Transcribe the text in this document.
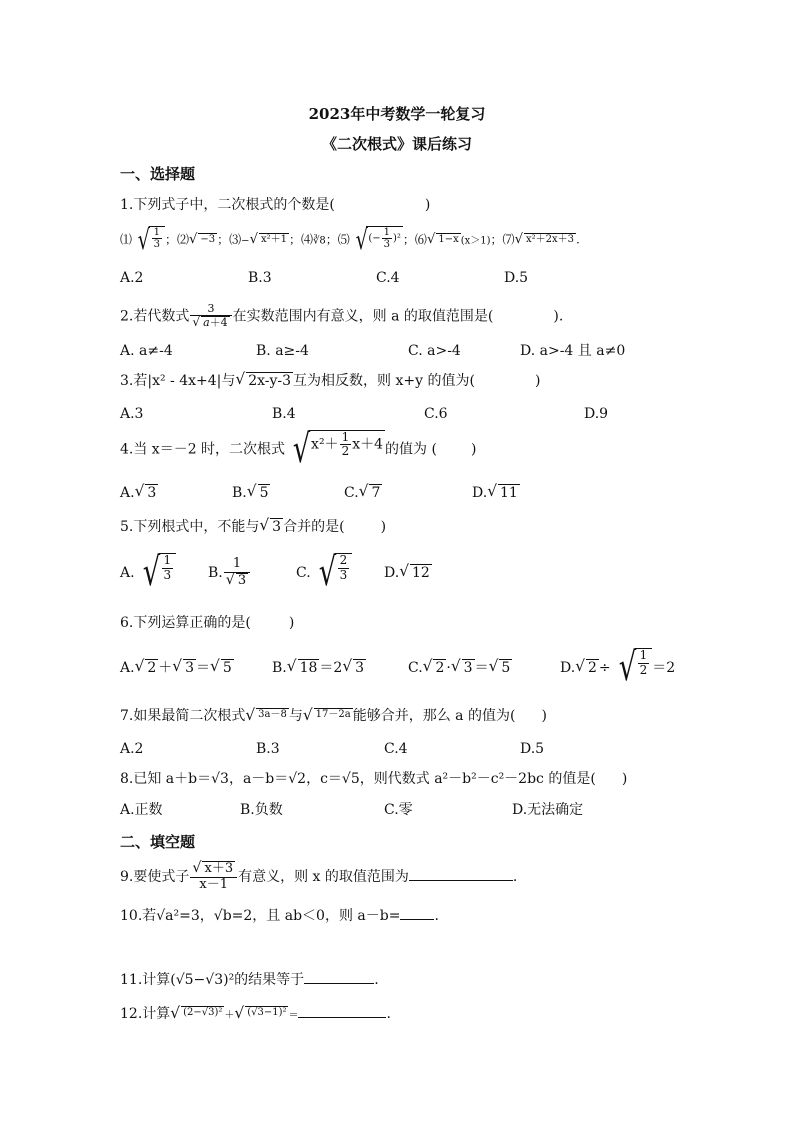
2023年中考数学一轮复习
《二次根式》课后练习
一、选择题
1.下列式子中，二次根式的个数是(	)
⑴ √ $\frac{1}{3}$ ；⑵ √ −3 ；⑶− √ x²＋1 ；⑷∛8；⑸ √ (− $\frac{1}{3} )^2$ ；⑹ √ 1−x (x＞1)；⑺ √ x²＋2x＋3 .
A.2	B.3	C.4	D.5
2.若代数式 $\frac{3}{√ a+4}$ 在实数范围内有意义，则 a 的取值范围是(	).
A. a≠-4	B. a≥-4	C. a>-4	D. a>-4 且 a≠0
3.若|x² - 4x+4|与 √ 2x-y-3 互为相反数，则 x+y 的值为(	)
A.3	B.4	C.6	D.9
4.当 x＝－2 时，二次根式 √ $x^2+ \frac{1}{2} x+4$ 的值为 ( )
A. √ 3	B. √ 5	C. √ 7	D. √ 11
5.下列根式中，不能与 √ 3 合并的是(	)
A. √ $\frac{1}{3} B$. $\frac{1}{√ 3}$	C. √ $\frac{2}{3} D$. √ 12
6.下列运算正确的是(	)
A. √ 2 ＋ √ 3 ＝ √ 5	B. √ 18 ＝2 √ 3	C. √ 2 · √ 3 ＝ √ 5	D. √ 2 ÷ √ $\frac{1}{2} =2$
7.如果最简二次根式 √ 3a－8 与 √ 17－2a 能够合并，那么 a 的值为( )
A.2	B.3	C.4	D.5
8.已知 a＋b＝√3，a－b＝√2，c＝√5，则代数式 a²－b²－c²－2bc 的值是( )
A.正数	B.负数	C.零	D.无法确定
二、填空题
9.要使式子 $\frac{√ x+3}{x-1}$ 有意义，则 x 的取值范围为	.
10.若√a²=3，√b=2，且 ab＜0，则 a－b= .
11.计算(√5−√3)²的结果等于	.
12.计算 √ (2−√3)² ＋ √ (√3−1)² ＝	.
